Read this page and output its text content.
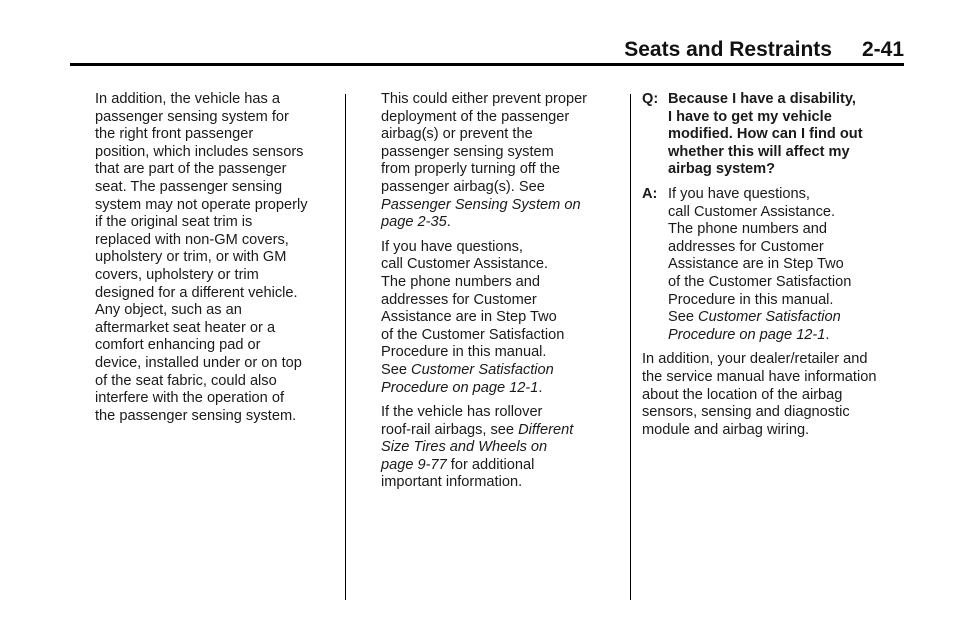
Seats and Restraints 2-41

In addition, the vehicle has a
passenger sensing system for
the right front passenger
position, which includes sensors
that are part of the passenger
seat. The passenger sensing
system may not operate properly
if the original seat trim is
replaced with non-GM covers,
upholstery or trim, or with GM
covers, upholstery or trim
designed for a different vehicle.
Any object, such as an
aftermarket seat heater or a
comfort enhancing pad or
device, installed under or on top
of the seat fabric, could also
interfere with the operation of
the passenger sensing system.

This could either prevent proper
deployment of the passenger
airbag(s) or prevent the
passenger sensing system
from properly turning off the
passenger airbag(s). See
Passenger Sensing System on
page 2-35.

If you have questions,
call Customer Assistance.
The phone numbers and
addresses for Customer
Assistance are in Step Two
of the Customer Satisfaction
Procedure in this manual.
See Customer Satisfaction
Procedure on page 12-1.

If the vehicle has rollover
roof-rail airbags, see Different
Size Tires and Wheels on
page 9-77 for additional
important information.

Q: Because I have a disability,
I have to get my vehicle
modified. How can I find out
whether this will affect my
airbag system?
A: If you have questions,
call Customer Assistance.
The phone numbers and
addresses for Customer
Assistance are in Step Two
of the Customer Satisfaction
Procedure in this manual.
See Customer Satisfaction
Procedure on page 12-1.

In addition, your dealer/retailer and
the service manual have information
about the location of the airbag
sensors, sensing and diagnostic
module and airbag wiring.
